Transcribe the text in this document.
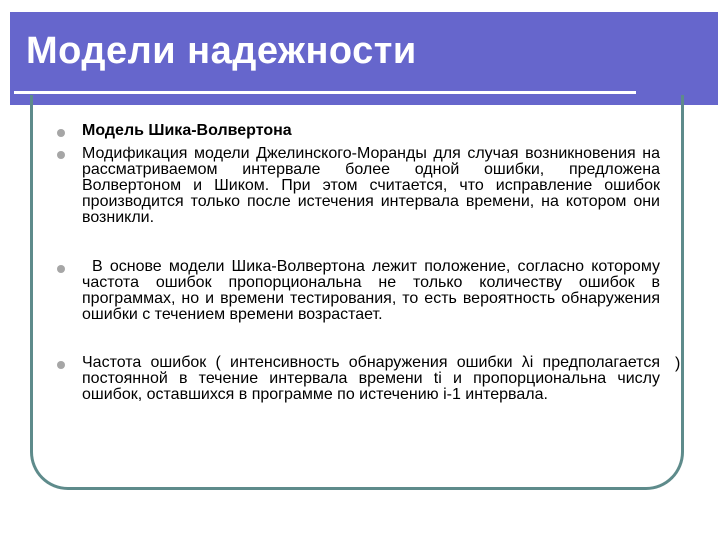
Модели надежности
Модель Шика-Волвертона
Модификация модели Джелинского-Моранды для случая возникновения на рассматриваемом интервале более одной ошибки, предложена Волвертоном и Шиком. При этом считается, что исправление ошибок производится только после истечения интервала времени, на котором они возникли.
В основе модели Шика-Волвертона лежит положение, согласно которому частота ошибок пропорциональна не только количеству ошибок в программах, но и времени тестирования, то есть вероятность обнаружения ошибки с течением времени возрастает.
Частота ошибок ( интенсивность обнаружения ошибки λi предполагается постоянной в течение интервала времени ti и пропорциональна числу ошибок, оставшихся в программе по истечению i-1 интервала.
)
